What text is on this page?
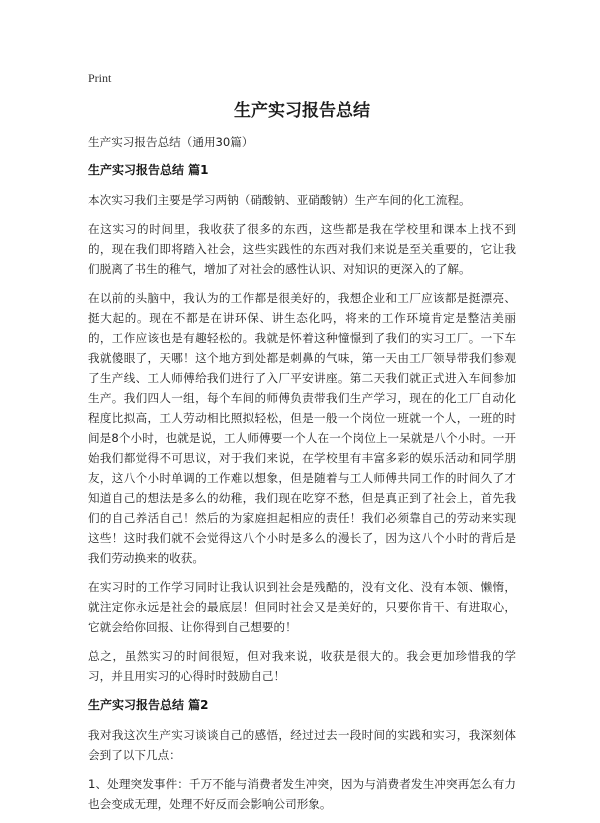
Print
生产实习报告总结

生产实习报告总结（通用30篇）

生产实习报告总结 篇1

本次实习我们主要是学习两钠（硝酸钠、亚硝酸钠）生产车间的化工流程。

在这实习的时间里，我收获了很多的东西，这些都是我在学校里和课本上找不到的，现在我们即将踏入社会，这些实践性的东西对我们来说是至关重要的，它让我们脱离了书生的稚气，增加了对社会的感性认识、对知识的更深入的了解。

在以前的头脑中，我认为的工作都是很美好的，我想企业和工厂应该都是挺漂亮、挺大起的。现在不都是在讲环保、讲生态化吗，将来的工作环境肯定是整洁美丽的，工作应该也是有趣轻松的。我就是怀着这种憧憬到了我们的实习工厂。一下车我就傻眼了，天哪！这个地方到处都是刺鼻的气味，第一天由工厂领导带我们参观了生产线、工人师傅给我们进行了入厂平安讲座。第二天我们就正式进入车间参加生产。我们四人一组，每个车间的师傅负责带我们生产学习，现在的化工厂自动化程度比拟高，工人劳动相比照拟轻松，但是一般一个岗位一班就一个人，一班的时间是8个小时，也就是说，工人师傅要一个人在一个岗位上一呆就是八个小时。一开始我们都觉得不可思议，对于我们来说，在学校里有丰富多彩的娱乐活动和同学朋友，这八个小时单调的工作难以想象，但是随着与工人师傅共同工作的时间久了才知道自己的想法是多么的幼稚，我们现在吃穿不愁，但是真正到了社会上，首先我们的自己养活自己！然后的为家庭担起相应的责任！我们必须靠自己的劳动来实现这些！这时我们就不会觉得这八个小时是多么的漫长了，因为这八个小时的背后是我们劳动换来的收获。

在实习时的工作学习同时让我认识到社会是残酷的，没有文化、没有本领、懒惰，就注定你永远是社会的最底层！但同时社会又是美好的，只要你肯干、有进取心，它就会给你回报、让你得到自己想要的！

总之，虽然实习的时间很短，但对我来说，收获是很大的。我会更加珍惜我的学习，并且用实习的心得时时鼓励自己！

生产实习报告总结 篇2

我对我这次生产实习谈谈自己的感悟，经过过去一段时间的实践和实习，我深刻体会到了以下几点：

1、处理突发事件：千万不能与消费者发生冲突，因为与消费者发生冲突再怎么有力也会变成无理，处理不好反而会影响公司形象。
